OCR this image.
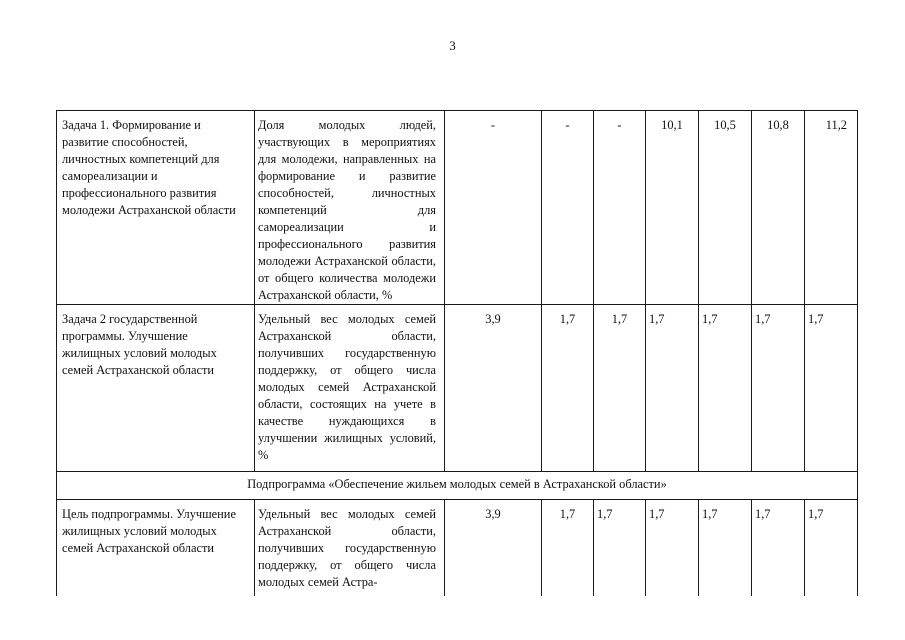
3
Задача 1. Формирование и развитие способностей, личностных компетенций для самореализации и профессионального развития молодежи Астраханской области	Доля молодых людей, участвующих в мероприятиях для молодежи, направленных на формирование и развитие способностей, личностных компетенций для самореализации и профессионального развития молодежи Астраханской области, от общего количества молодежи Астраханской области, %	-	-	-	10,1	10,5	10,8	11,2
Задача 2 государственной программы. Улучшение жилищных условий молодых семей Астраханской области	Удельный вес молодых семей Астраханской области, получивших государственную поддержку, от общего числа молодых семей Астраханской области, состоящих на учете в качестве нуждающихся в улучшении жилищных условий, %	3,9	1,7	1,7	1,7	1,7	1,7	1,7
Подпрограмма «Обеспечение жильем молодых семей в Астраханской области»								
Цель подпрограммы. Улучшение жилищных условий молодых семей Астраханской области	Удельный вес молодых семей Астраханской области, получивших государственную поддержку, от общего числа молодых семей Астра-	3,9	1,7	1,7	1,7	1,7	1,7	1,7
